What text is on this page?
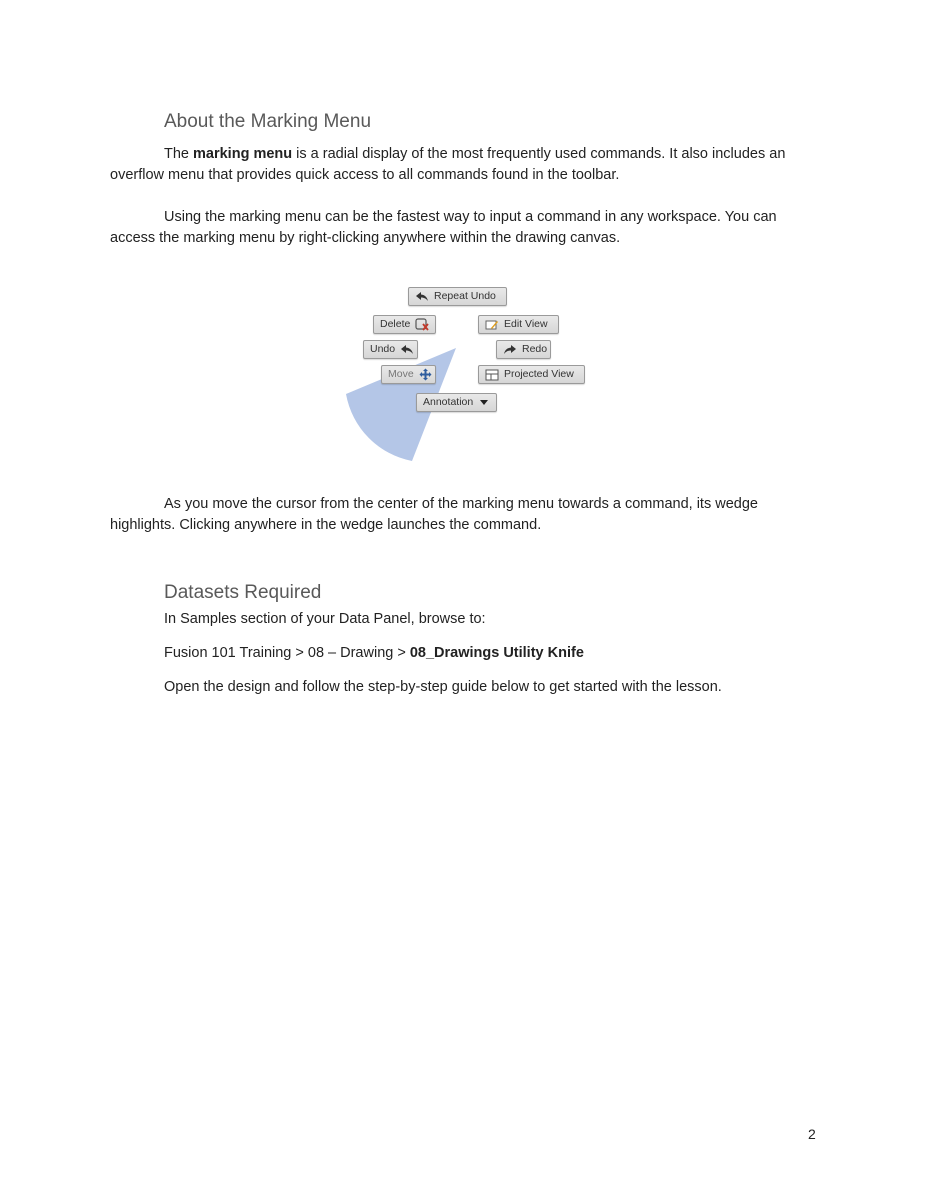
About the Marking Menu

The marking menu is a radial display of the most frequently used commands. It also includes an overflow menu that provides quick access to all commands found in the toolbar.

Using the marking menu can be the fastest way to input a command in any workspace. You can access the marking menu by right-clicking anywhere within the drawing canvas.

Repeat Undo
Delete	Edit View
Undo	Redo
Move	Projected View
Annotation

As you move the cursor from the center of the marking menu towards a command, its wedge highlights. Clicking anywhere in the wedge launches the command.

Datasets Required

In Samples section of your Data Panel, browse to:

Fusion 101 Training > 08 – Drawing > 08_Drawings Utility Knife

Open the design and follow the step-by-step guide below to get started with the lesson.

2
